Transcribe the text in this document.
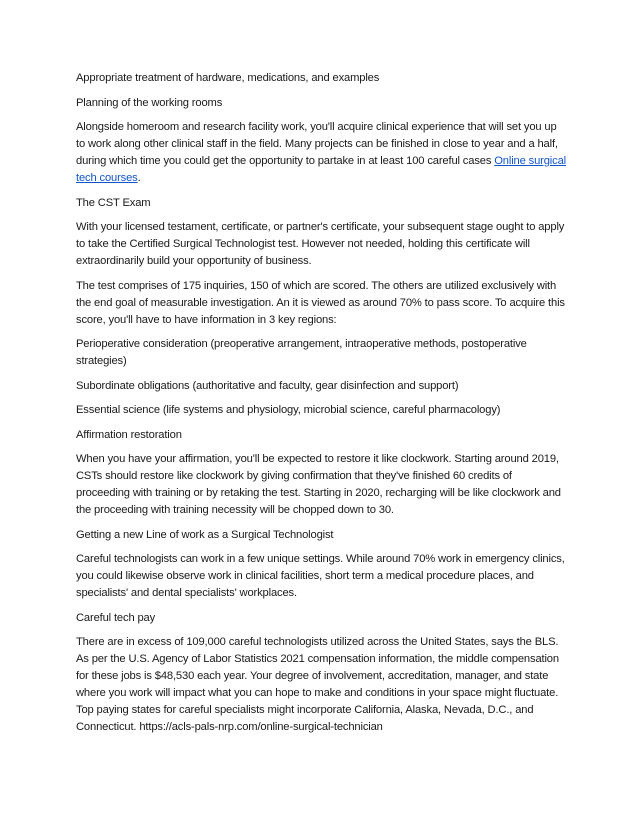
Appropriate treatment of hardware, medications, and examples

Planning of the working rooms

Alongside homeroom and research facility work, you'll acquire clinical experience that will set you up to work along other clinical staff in the field. Many projects can be finished in close to year and a half, during which time you could get the opportunity to partake in at least 100 careful cases Online surgical tech courses.

The CST Exam

With your licensed testament, certificate, or partner's certificate, your subsequent stage ought to apply to take the Certified Surgical Technologist test. However not needed, holding this certificate will extraordinarily build your opportunity of business.

The test comprises of 175 inquiries, 150 of which are scored. The others are utilized exclusively with the end goal of measurable investigation. An it is viewed as around 70% to pass score. To acquire this score, you'll have to have information in 3 key regions:

Perioperative consideration (preoperative arrangement, intraoperative methods, postoperative strategies)

Subordinate obligations (authoritative and faculty, gear disinfection and support)

Essential science (life systems and physiology, microbial science, careful pharmacology)

Affirmation restoration

When you have your affirmation, you'll be expected to restore it like clockwork. Starting around 2019, CSTs should restore like clockwork by giving confirmation that they've finished 60 credits of proceeding with training or by retaking the test. Starting in 2020, recharging will be like clockwork and the proceeding with training necessity will be chopped down to 30.

Getting a new Line of work as a Surgical Technologist

Careful technologists can work in a few unique settings. While around 70% work in emergency clinics, you could likewise observe work in clinical facilities, short term a medical procedure places, and specialists' and dental specialists' workplaces.

Careful tech pay

There are in excess of 109,000 careful technologists utilized across the United States, says the BLS. As per the U.S. Agency of Labor Statistics 2021 compensation information, the middle compensation for these jobs is $48,530 each year. Your degree of involvement, accreditation, manager, and state where you work will impact what you can hope to make and conditions in your space might fluctuate. Top paying states for careful specialists might incorporate California, Alaska, Nevada, D.C., and Connecticut. https://acls-pals-nrp.com/online-surgical-technician
